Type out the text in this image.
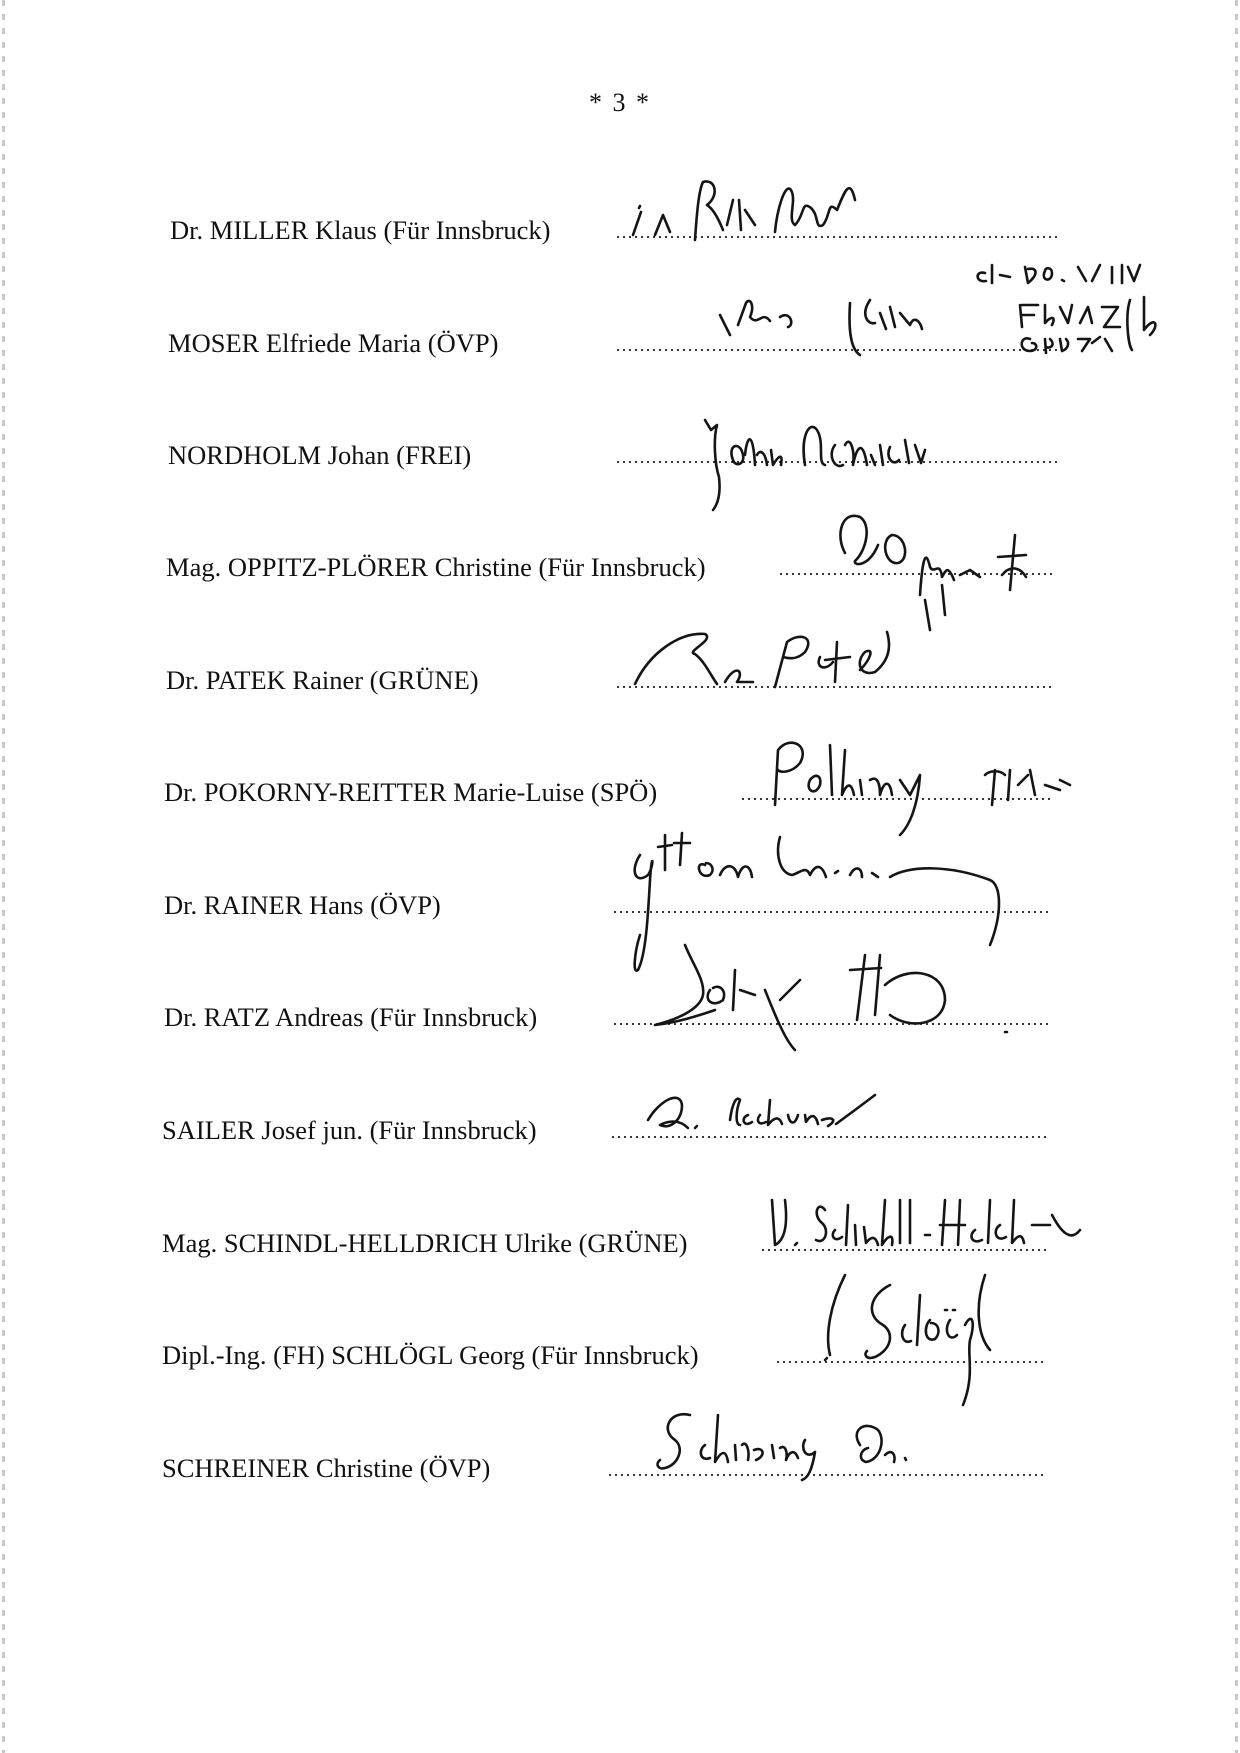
* 3 *
Dr. MILLER Klaus (Für Innsbruck)
MOSER Elfriede Maria (ÖVP)
NORDHOLM Johan (FREI)
Mag. OPPITZ-PLÖRER Christine (Für Innsbruck)
Dr. PATEK Rainer (GRÜNE)
Dr. POKORNY-REITTER Marie-Luise (SPÖ)
Dr. RAINER Hans (ÖVP)
Dr. RATZ Andreas (Für Innsbruck)
SAILER Josef jun. (Für Innsbruck)
Mag. SCHINDL-HELLDRICH Ulrike (GRÜNE)
Dipl.-Ing. (FH) SCHLÖGL Georg (Für Innsbruck)
SCHREINER Christine (ÖVP)
